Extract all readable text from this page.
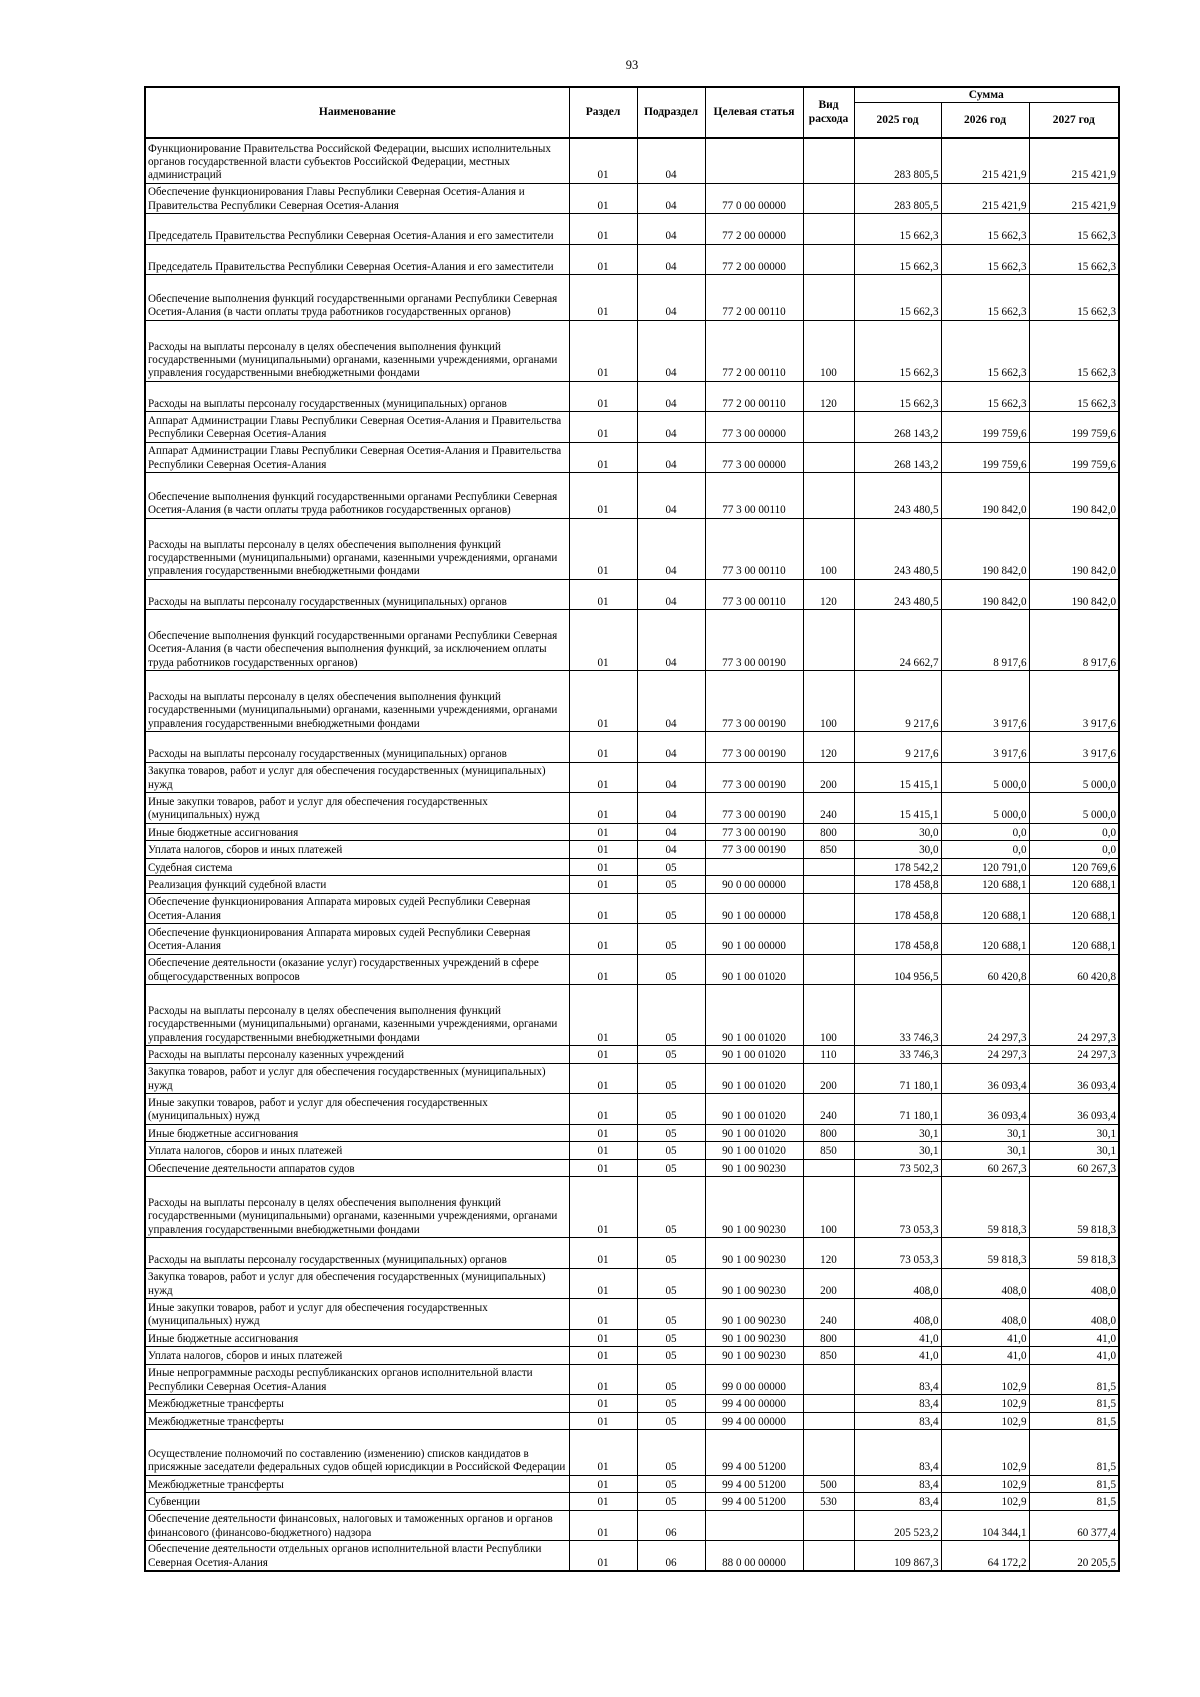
93
Наименование	Раздел	Подраздел	Целевая статья	Вид расхода	Сумма		
					2025 год	2026 год	2027 год
Функционирование Правительства Российской Федерации, высших исполнительных органов государственной власти субъектов Российской Федерации, местных администраций	01	04			283 805,5	215 421,9	215 421,9
Обеспечение функционирования Главы Республики Северная Осетия-Алания и Правительства Республики Северная Осетия-Алания	01	04	77 0 00 00000		283 805,5	215 421,9	215 421,9
Председатель Правительства Республики Северная Осетия-Алания и его заместители	01	04	77 2 00 00000		15 662,3	15 662,3	15 662,3
Председатель Правительства Республики Северная Осетия-Алания и его заместители	01	04	77 2 00 00000		15 662,3	15 662,3	15 662,3
Обеспечение выполнения функций государственными органами Республики Северная Осетия-Алания (в части оплаты труда работников государственных органов)	01	04	77 2 00 00110		15 662,3	15 662,3	15 662,3
Расходы на выплаты персоналу в целях обеспечения выполнения функций государственными (муниципальными) органами, казенными учреждениями, органами управления государственными внебюджетными фондами	01	04	77 2 00 00110	100	15 662,3	15 662,3	15 662,3
Расходы на выплаты персоналу государственных (муниципальных) органов	01	04	77 2 00 00110	120	15 662,3	15 662,3	15 662,3
Аппарат Администрации Главы Республики Северная Осетия-Алания и Правительства Республики Северная Осетия-Алания	01	04	77 3 00 00000		268 143,2	199 759,6	199 759,6
Аппарат Администрации Главы Республики Северная Осетия-Алания и Правительства Республики Северная Осетия-Алания	01	04	77 3 00 00000		268 143,2	199 759,6	199 759,6
Обеспечение выполнения функций государственными органами Республики Северная Осетия-Алания (в части оплаты труда работников государственных органов)	01	04	77 3 00 00110		243 480,5	190 842,0	190 842,0
Расходы на выплаты персоналу в целях обеспечения выполнения функций государственными (муниципальными) органами, казенными учреждениями, органами управления государственными внебюджетными фондами	01	04	77 3 00 00110	100	243 480,5	190 842,0	190 842,0
Расходы на выплаты персоналу государственных (муниципальных) органов	01	04	77 3 00 00110	120	243 480,5	190 842,0	190 842,0
Обеспечение выполнения функций государственными органами Республики Северная Осетия-Алания (в части обеспечения выполнения функций, за исключением оплаты труда работников государственных органов)	01	04	77 3 00 00190		24 662,7	8 917,6	8 917,6
Расходы на выплаты персоналу в целях обеспечения выполнения функций государственными (муниципальными) органами, казенными учреждениями, органами управления государственными внебюджетными фондами	01	04	77 3 00 00190	100	9 217,6	3 917,6	3 917,6
Расходы на выплаты персоналу государственных (муниципальных) органов	01	04	77 3 00 00190	120	9 217,6	3 917,6	3 917,6
Закупка товаров, работ и услуг для обеспечения государственных (муниципальных) нужд	01	04	77 3 00 00190	200	15 415,1	5 000,0	5 000,0
Иные закупки товаров, работ и услуг для обеспечения государственных (муниципальных) нужд	01	04	77 3 00 00190	240	15 415,1	5 000,0	5 000,0
Иные бюджетные ассигнования	01	04	77 3 00 00190	800	30,0	0,0	0,0
Уплата налогов, сборов и иных платежей	01	04	77 3 00 00190	850	30,0	0,0	0,0
Судебная система	01	05			178 542,2	120 791,0	120 769,6
Реализация функций судебной власти	01	05	90 0 00 00000		178 458,8	120 688,1	120 688,1
Обеспечение функционирования Аппарата мировых судей Республики Северная Осетия-Алания	01	05	90 1 00 00000		178 458,8	120 688,1	120 688,1
Обеспечение функционирования Аппарата мировых судей Республики Северная Осетия-Алания	01	05	90 1 00 00000		178 458,8	120 688,1	120 688,1
Обеспечение деятельности (оказание услуг) государственных учреждений в сфере общегосударственных вопросов	01	05	90 1 00 01020		104 956,5	60 420,8	60 420,8
Расходы на выплаты персоналу в целях обеспечения выполнения функций государственными (муниципальными) органами, казенными учреждениями, органами управления государственными внебюджетными фондами	01	05	90 1 00 01020	100	33 746,3	24 297,3	24 297,3
Расходы на выплаты персоналу казенных учреждений	01	05	90 1 00 01020	110	33 746,3	24 297,3	24 297,3
Закупка товаров, работ и услуг для обеспечения государственных (муниципальных) нужд	01	05	90 1 00 01020	200	71 180,1	36 093,4	36 093,4
Иные закупки товаров, работ и услуг для обеспечения государственных (муниципальных) нужд	01	05	90 1 00 01020	240	71 180,1	36 093,4	36 093,4
Иные бюджетные ассигнования	01	05	90 1 00 01020	800	30,1	30,1	30,1
Уплата налогов, сборов и иных платежей	01	05	90 1 00 01020	850	30,1	30,1	30,1
Обеспечение деятельности аппаратов судов	01	05	90 1 00 90230		73 502,3	60 267,3	60 267,3
Расходы на выплаты персоналу в целях обеспечения выполнения функций государственными (муниципальными) органами, казенными учреждениями, органами управления государственными внебюджетными фондами	01	05	90 1 00 90230	100	73 053,3	59 818,3	59 818,3
Расходы на выплаты персоналу государственных (муниципальных) органов	01	05	90 1 00 90230	120	73 053,3	59 818,3	59 818,3
Закупка товаров, работ и услуг для обеспечения государственных (муниципальных) нужд	01	05	90 1 00 90230	200	408,0	408,0	408,0
Иные закупки товаров, работ и услуг для обеспечения государственных (муниципальных) нужд	01	05	90 1 00 90230	240	408,0	408,0	408,0
Иные бюджетные ассигнования	01	05	90 1 00 90230	800	41,0	41,0	41,0
Уплата налогов, сборов и иных платежей	01	05	90 1 00 90230	850	41,0	41,0	41,0
Иные непрограммные расходы республиканских органов исполнительной власти Республики Северная Осетия-Алания	01	05	99 0 00 00000		83,4	102,9	81,5
Межбюджетные трансферты	01	05	99 4 00 00000		83,4	102,9	81,5
Межбюджетные трансферты	01	05	99 4 00 00000		83,4	102,9	81,5
Осуществление полномочий по составлению (изменению) списков кандидатов в присяжные заседатели федеральных судов общей юрисдикции в Российской Федерации	01	05	99 4 00 51200		83,4	102,9	81,5
Межбюджетные трансферты	01	05	99 4 00 51200	500	83,4	102,9	81,5
Субвенции	01	05	99 4 00 51200	530	83,4	102,9	81,5
Обеспечение деятельности финансовых, налоговых и таможенных органов и органов финансового (финансово-бюджетного) надзора	01	06			205 523,2	104 344,1	60 377,4
Обеспечение деятельности отдельных органов исполнительной власти Республики Северная Осетия-Алания	01	06	88 0 00 00000		109 867,3	64 172,2	20 205,5
